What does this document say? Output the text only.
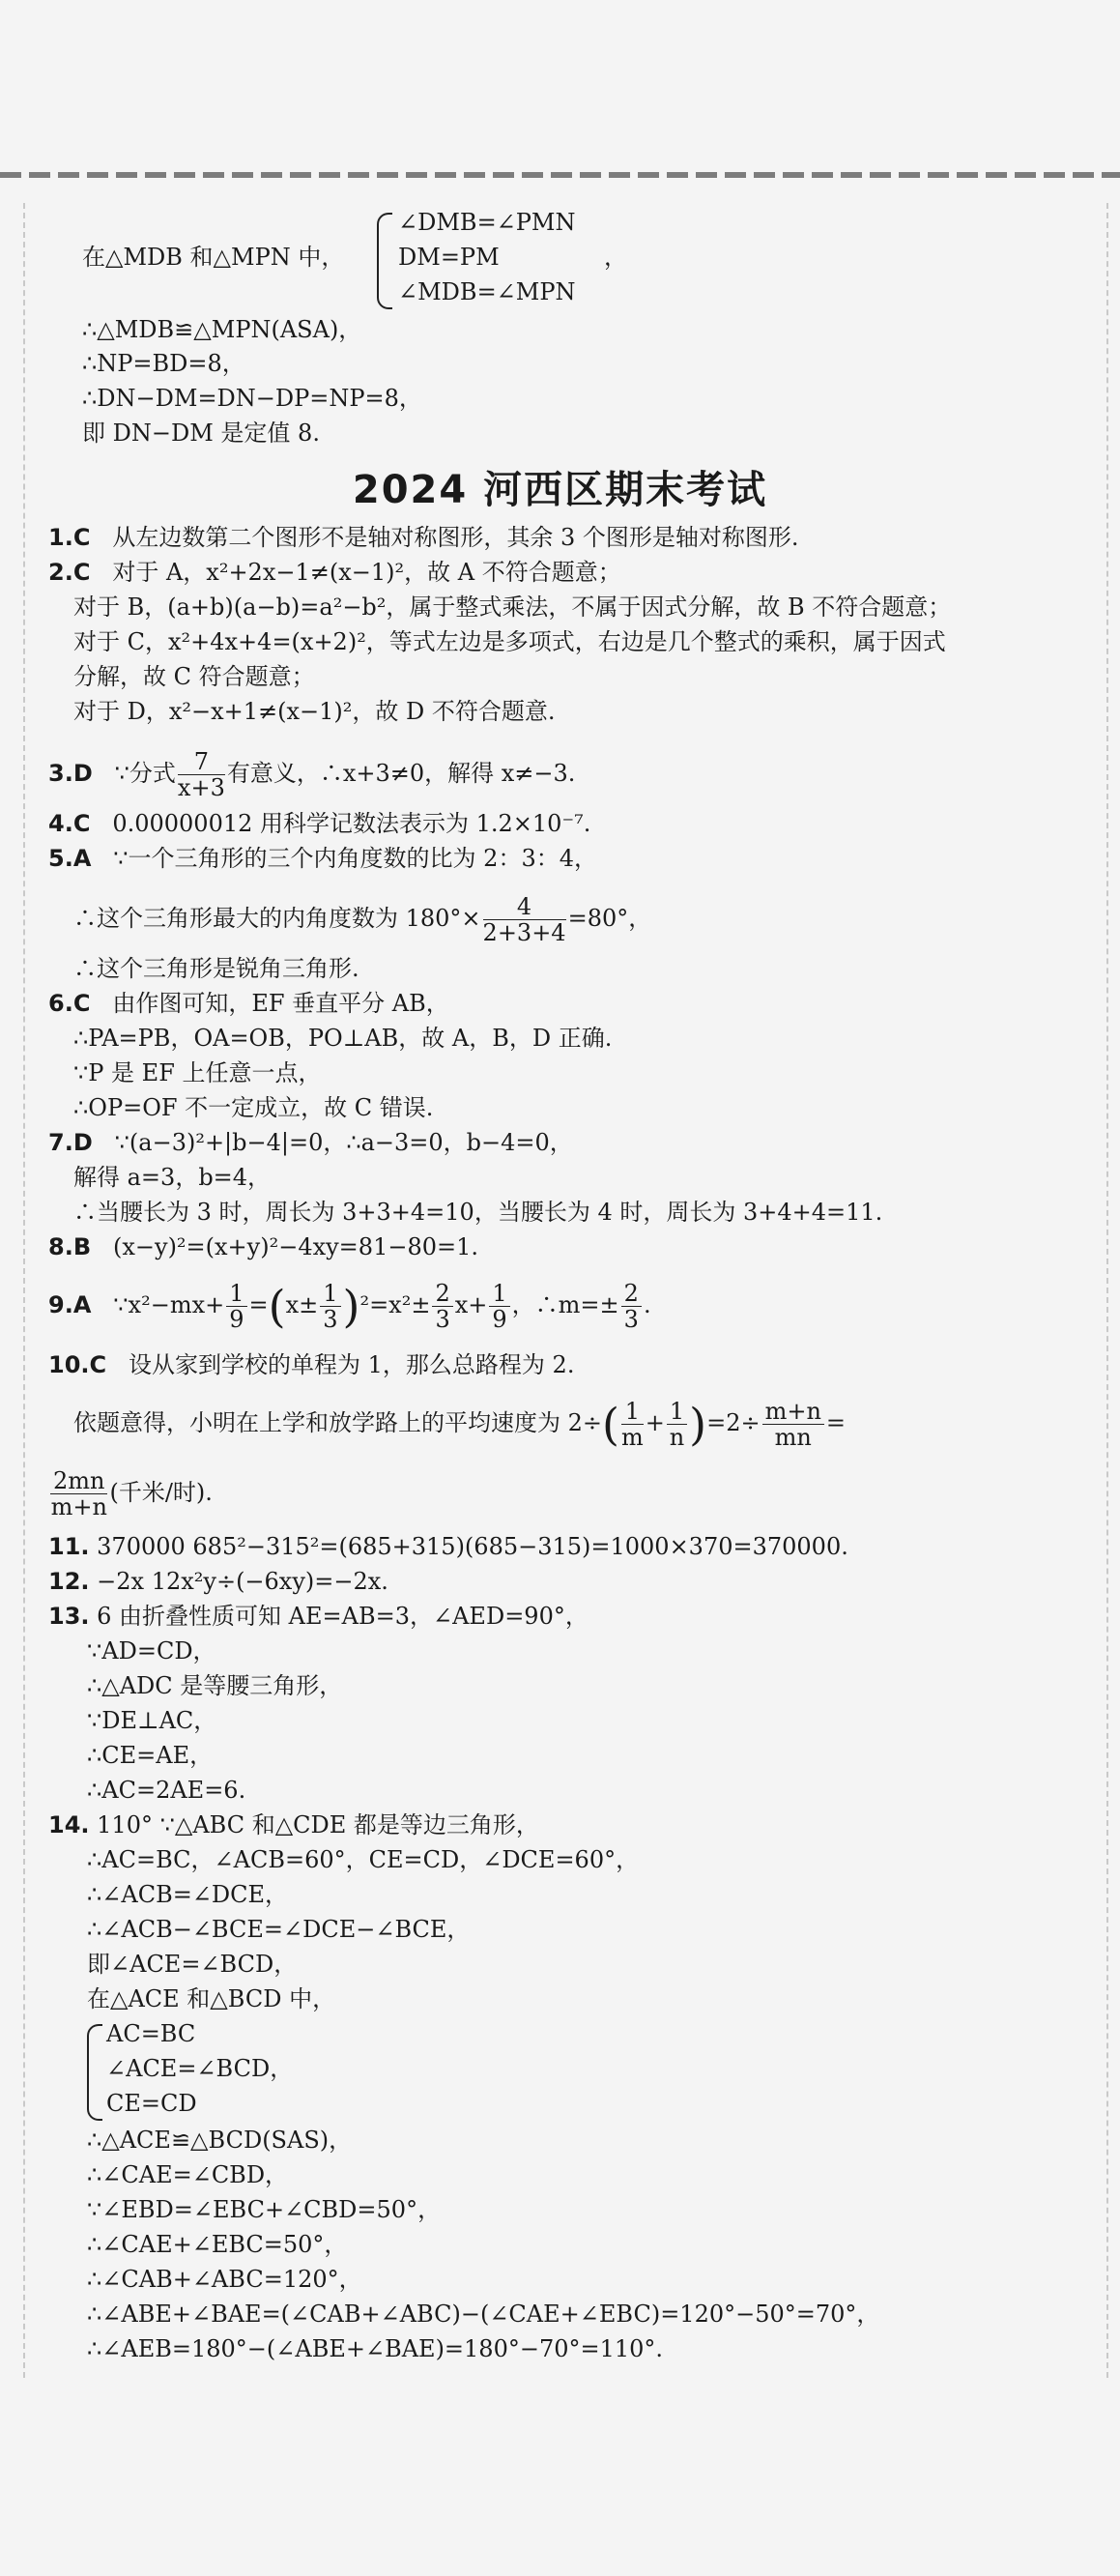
在△MDB 和△MPN 中，
∠DMB=∠PMN
DM=PM
∠MDB=∠MPN
，
∴△MDB≌△MPN(ASA)，
∴NP=BD=8，
∴DN−DM=DN−DP=NP=8，
即 DN−DM 是定值 8.
2024 河西区期末考试
1.C 从左边数第二个图形不是轴对称图形，其余 3 个图形是轴对称图形.
2.C 对于 A，x²+2x−1≠(x−1)²，故 A 不符合题意；
对于 B，(a+b)(a−b)=a²−b²，属于整式乘法，不属于因式分解，故 B 不符合题意；
对于 C，x²+4x+4=(x+2)²，等式左边是多项式，右边是几个整式的乘积，属于因式
分解，故 C 符合题意；
对于 D，x²−x+1≠(x−1)²，故 D 不符合题意.
3.D ∵分式 $\frac{7}{x+3}$ 有意义，∴x+3≠0，解得 x≠−3.
4.C 0.00000012 用科学记数法表示为 1.2×10⁻⁷.
5.A ∵一个三角形的三个内角度数的比为 2：3：4，
∴这个三角形最大的内角度数为 $180^\circ\times \frac{4}{2+3+4} =80^\circ$，
∴这个三角形是锐角三角形.
6.C 由作图可知，EF 垂直平分 AB，
∴PA=PB，OA=OB，PO⊥AB，故 A，B，D 正确.
∵P 是 EF 上任意一点，
∴OP=OF 不一定成立，故 C 错误.
7.D ∵(a−3)²+|b−4|=0，∴a−3=0，b−4=0，
解得 a=3，b=4，
∴当腰长为 3 时，周长为 3+3+4=10，当腰长为 4 时，周长为 3+4+4=11.
8.B (x−y)²=(x+y)²−4xy=81−80=1.
9.A ∵x²−mx+ $\frac{1}{9} =(x\pm \frac{1}{3} )^2=x^2\pm \frac{2}{3} x+ \frac{1}{9}$ ，∴m=± $\frac{2}{3}$ .
10.C 设从家到学校的单程为 1，那么总路程为 2.
依题意得，小明在上学和放学路上的平均速度为 $2\div( \frac{1}{m} + \frac{1}{n} )=2\div \frac{m+n}{mn}$ =
$\frac{2mn}{m+n}$ (千米/时).
11. 370000 685²−315²=(685+315)(685−315)=1000×370=370000.
12. −2x 12x²y÷(−6xy)=−2x.
13. 6 由折叠性质可知 AE=AB=3，∠AED=90°，
∵AD=CD，
∴△ADC 是等腰三角形，
∵DE⊥AC，
∴CE=AE，
∴AC=2AE=6.
14. 110° ∵△ABC 和△CDE 都是等边三角形，
∴AC=BC，∠ACB=60°，CE=CD，∠DCE=60°，
∴∠ACB=∠DCE，
∴∠ACB−∠BCE=∠DCE−∠BCE，
即∠ACE=∠BCD，
在△ACE 和△BCD 中，
AC=BC
∠ACE=∠BCD，
CE=CD
∴△ACE≌△BCD(SAS)，
∴∠CAE=∠CBD，
∵∠EBD=∠EBC+∠CBD=50°，
∴∠CAE+∠EBC=50°，
∴∠CAB+∠ABC=120°，
∴∠ABE+∠BAE=(∠CAB+∠ABC)−(∠CAE+∠EBC)=120°−50°=70°，
∴∠AEB=180°−(∠ABE+∠BAE)=180°−70°=110°.
